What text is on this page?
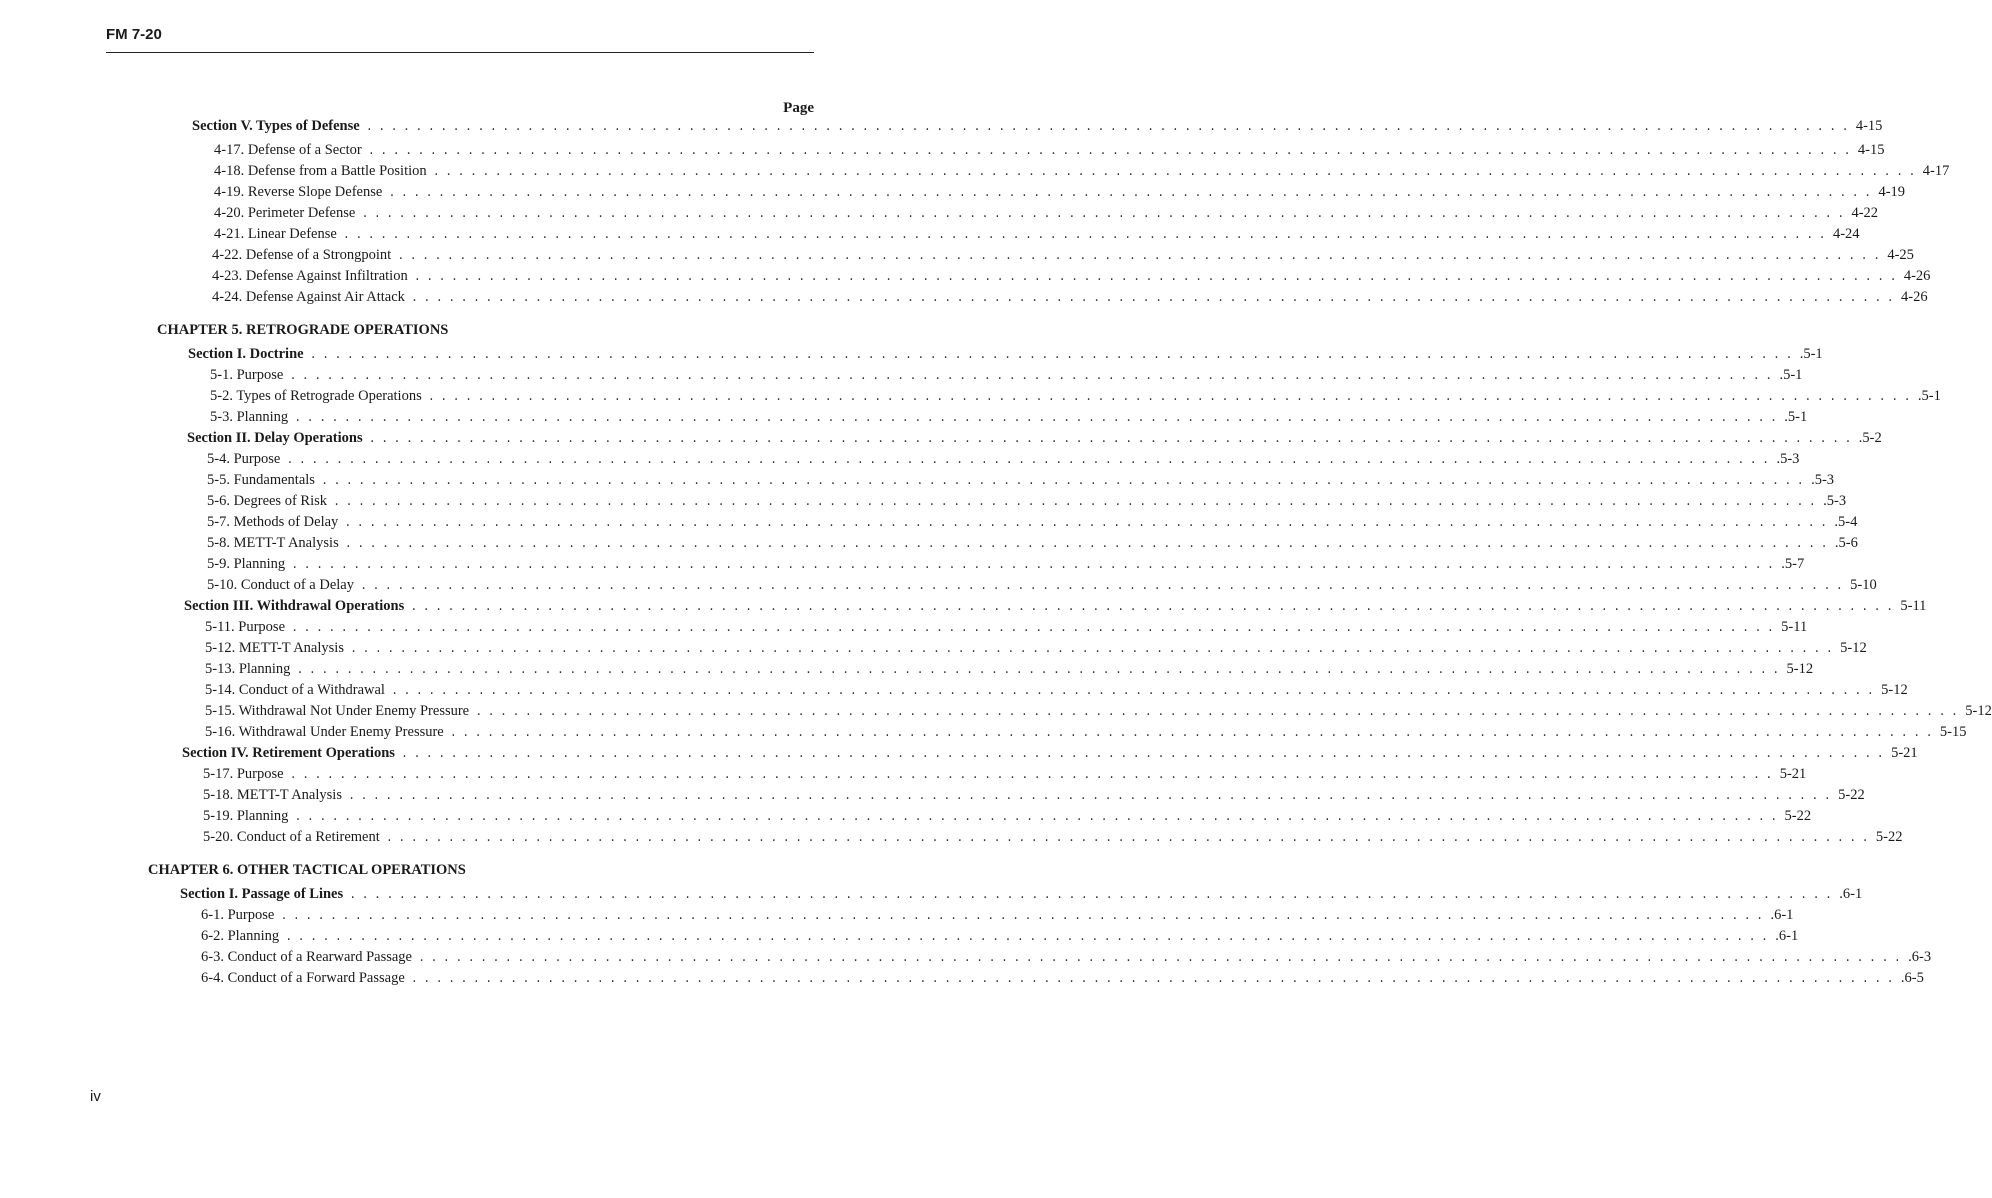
FM 7-20
Page
Section V. Types of Defense ........................................................................................................................ 4-15
4-17. Defense of a Sector ........................................................................................................................ 4-15
4-18. Defense from a Battle Position ........................................................................................................................ 4-17
4-19. Reverse Slope Defense ........................................................................................................................ 4-19
4-20. Perimeter Defense ........................................................................................................................ 4-22
4-21. Linear Defense ........................................................................................................................ 4-24
4-22. Defense of a Strongpoint ........................................................................................................................ 4-25
4-23. Defense Against Infiltration ........................................................................................................................ 4-26
4-24. Defense Against Air Attack ........................................................................................................................ 4-26
CHAPTER 5. RETROGRADE OPERATIONS
Section I. Doctrine ........................................................................................................................ .5-1
5-1. Purpose ........................................................................................................................ .5-1
5-2. Types of Retrograde Operations ........................................................................................................................ .5-1
5-3. Planning ........................................................................................................................ .5-1
Section II. Delay Operations ........................................................................................................................ .5-2
5-4. Purpose ........................................................................................................................ .5-3
5-5. Fundamentals ........................................................................................................................ .5-3
5-6. Degrees of Risk ........................................................................................................................ .5-3
5-7. Methods of Delay ........................................................................................................................ .5-4
5-8. METT-T Analysis ........................................................................................................................ .5-6
5-9. Planning ........................................................................................................................ .5-7
5-10. Conduct of a Delay ........................................................................................................................ 5-10
Section III. Withdrawal Operations ........................................................................................................................ 5-11
5-11. Purpose ........................................................................................................................ 5-11
5-12. METT-T Analysis ........................................................................................................................ 5-12
5-13. Planning ........................................................................................................................ 5-12
5-14. Conduct of a Withdrawal ........................................................................................................................ 5-12
5-15. Withdrawal Not Under Enemy Pressure ........................................................................................................................ 5-12
5-16. Withdrawal Under Enemy Pressure ........................................................................................................................ 5-15
Section IV. Retirement Operations ........................................................................................................................ 5-21
5-17. Purpose ........................................................................................................................ 5-21
5-18. METT-T Analysis ........................................................................................................................ 5-22
5-19. Planning ........................................................................................................................ 5-22
5-20. Conduct of a Retirement ........................................................................................................................ 5-22
CHAPTER 6. OTHER TACTICAL OPERATIONS
Section I. Passage of Lines ........................................................................................................................ .6-1
6-1. Purpose ........................................................................................................................ .6-1
6-2. Planning ........................................................................................................................ .6-1
6-3. Conduct of a Rearward Passage ........................................................................................................................ .6-3
6-4. Conduct of a Forward Passage ........................................................................................................................ .6-5
iv
